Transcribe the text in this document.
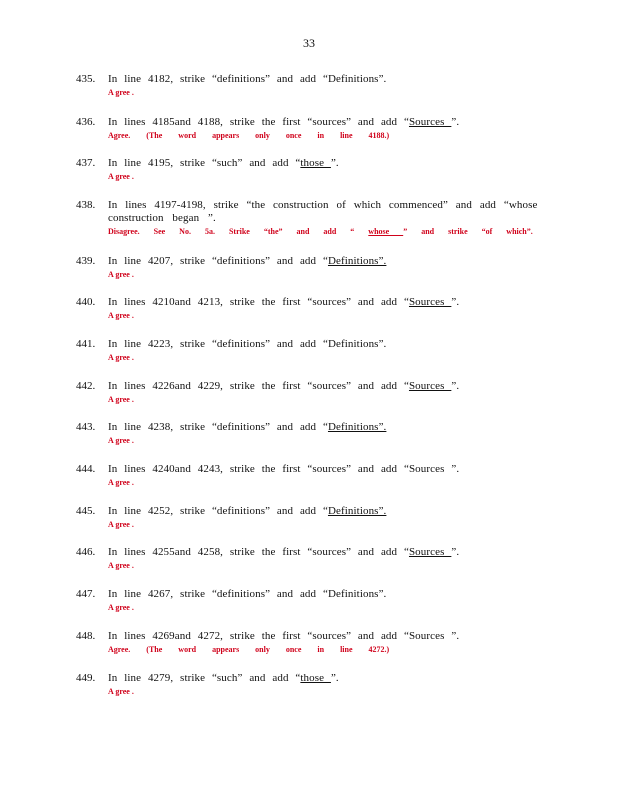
33
435. In line 4182, strike “definitions” and add “Definitions”.
A gree .
436. In lines 4185and 4188, strike the first “sources” and add “Sources ”.
Agree. (The word appears only once in line 4188.)
437. In line 4195, strike “such” and add “those ”.
A gree .
438. In lines 4197-4198, strike “the construction of which commenced” and add “whose
construction began ”.
Disagree. See No. 5a. Strike “the” and add “ whose ” and strike “of which”.
439. In line 4207, strike “definitions” and add “Definitions”.
A gree .
440. In lines 4210and 4213, strike the first “sources” and add “Sources ”.
A gree .
441. In line 4223, strike “definitions” and add “Definitions”.
A gree .
442. In lines 4226and 4229, strike the first “sources” and add “Sources ”.
A gree .
443. In line 4238, strike “definitions” and add “Definitions”.
A gree .
444. In lines 4240and 4243, strike the first “sources” and add “Sources ”.
A gree .
445. In line 4252, strike “definitions” and add “Definitions”.
A gree .
446. In lines 4255and 4258, strike the first “sources” and add “Sources ”.
A gree .
447. In line 4267, strike “definitions” and add “Definitions”.
A gree .
448. In lines 4269and 4272, strike the first “sources” and add “Sources ”.
Agree. (The word appears only once in line 4272.)
449. In line 4279, strike “such” and add “those ”.
A gree .
